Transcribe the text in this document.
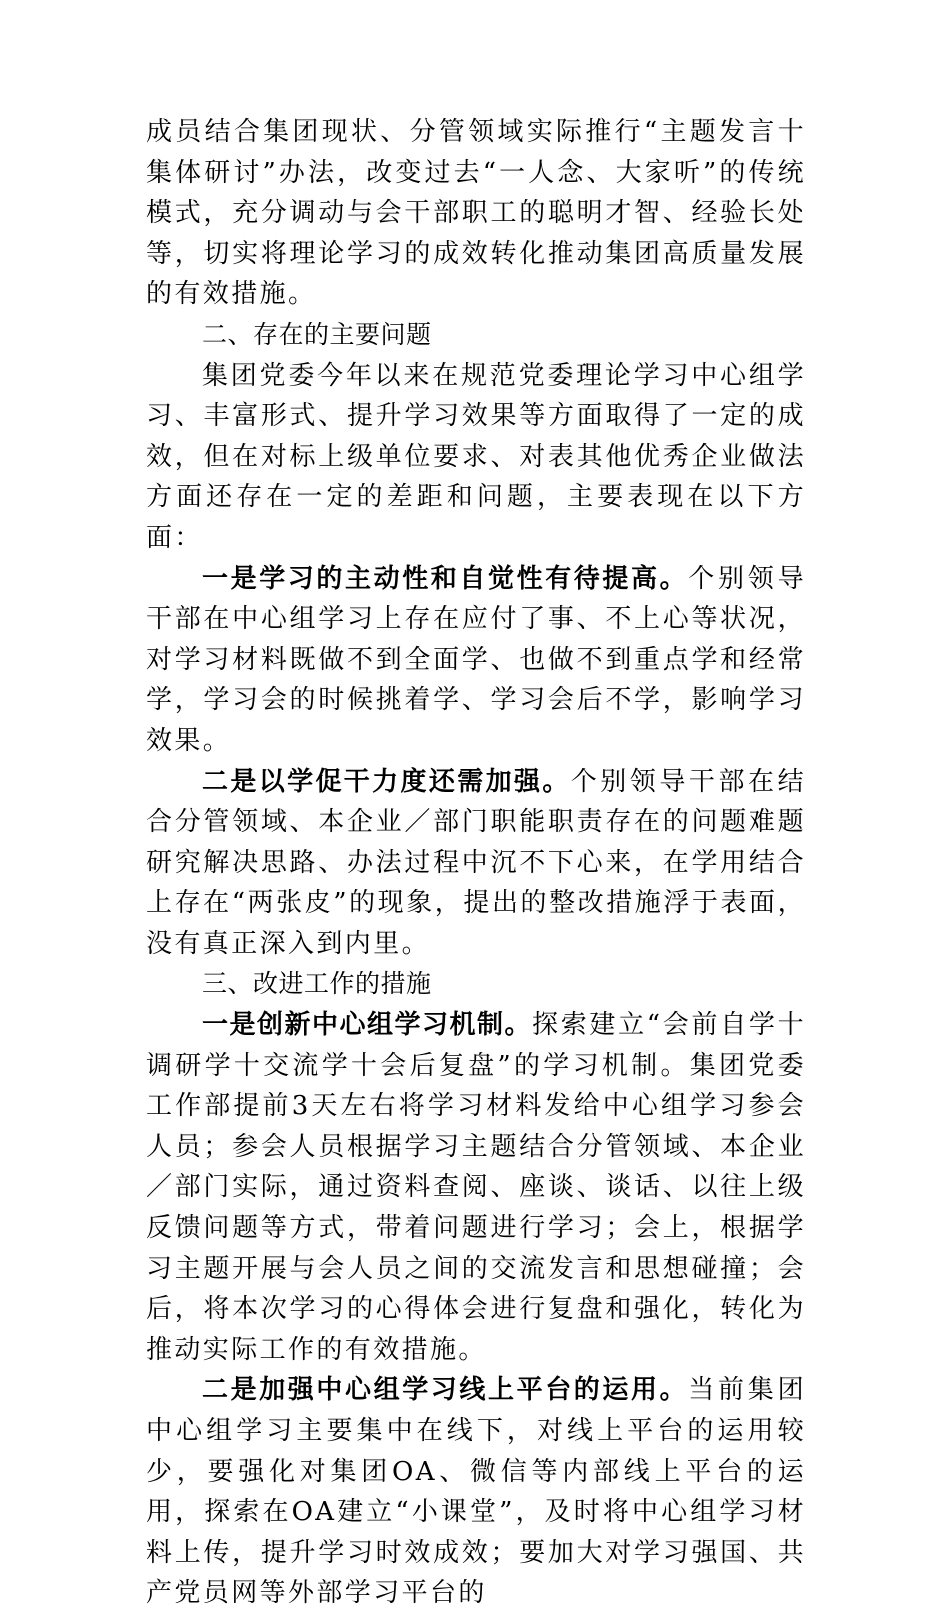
成员结合集团现状、分管领域实际推行“主题发言十集体研讨”办法，改变过去“一人念、大家听”的传统模式，充分调动与会干部职工的聪明才智、经验长处等，切实将理论学习的成效转化推动集团高质量发展的有效措施。

二、存在的主要问题

集团党委今年以来在规范党委理论学习中心组学习、丰富形式、提升学习效果等方面取得了一定的成效，但在对标上级单位要求、对表其他优秀企业做法方面还存在一定的差距和问题，主要表现在以下方面：

一是学习的主动性和自觉性有待提高。个别领导干部在中心组学习上存在应付了事、不上心等状况，对学习材料既做不到全面学、也做不到重点学和经常学，学习会的时候挑着学、学习会后不学，影响学习效果。

二是以学促干力度还需加强。个别领导干部在结合分管领域、本企业／部门职能职责存在的问题难题研究解决思路、办法过程中沉不下心来，在学用结合上存在“两张皮”的现象，提出的整改措施浮于表面，没有真正深入到内里。

三、改进工作的措施

一是创新中心组学习机制。探索建立“会前自学十调研学十交流学十会后复盘”的学习机制。集团党委工作部提前3天左右将学习材料发给中心组学习参会人员；参会人员根据学习主题结合分管领域、本企业／部门实际，通过资料查阅、座谈、谈话、以往上级反馈问题等方式，带着问题进行学习；会上，根据学习主题开展与会人员之间的交流发言和思想碰撞；会后，将本次学习的心得体会进行复盘和强化，转化为推动实际工作的有效措施。

二是加强中心组学习线上平台的运用。当前集团中心组学习主要集中在线下，对线上平台的运用较少，要强化对集团OA、微信等内部线上平台的运用，探索在OA建立“小课堂”，及时将中心组学习材料上传，提升学习时效成效；要加大对学习强国、共产党员网等外部学习平台的
